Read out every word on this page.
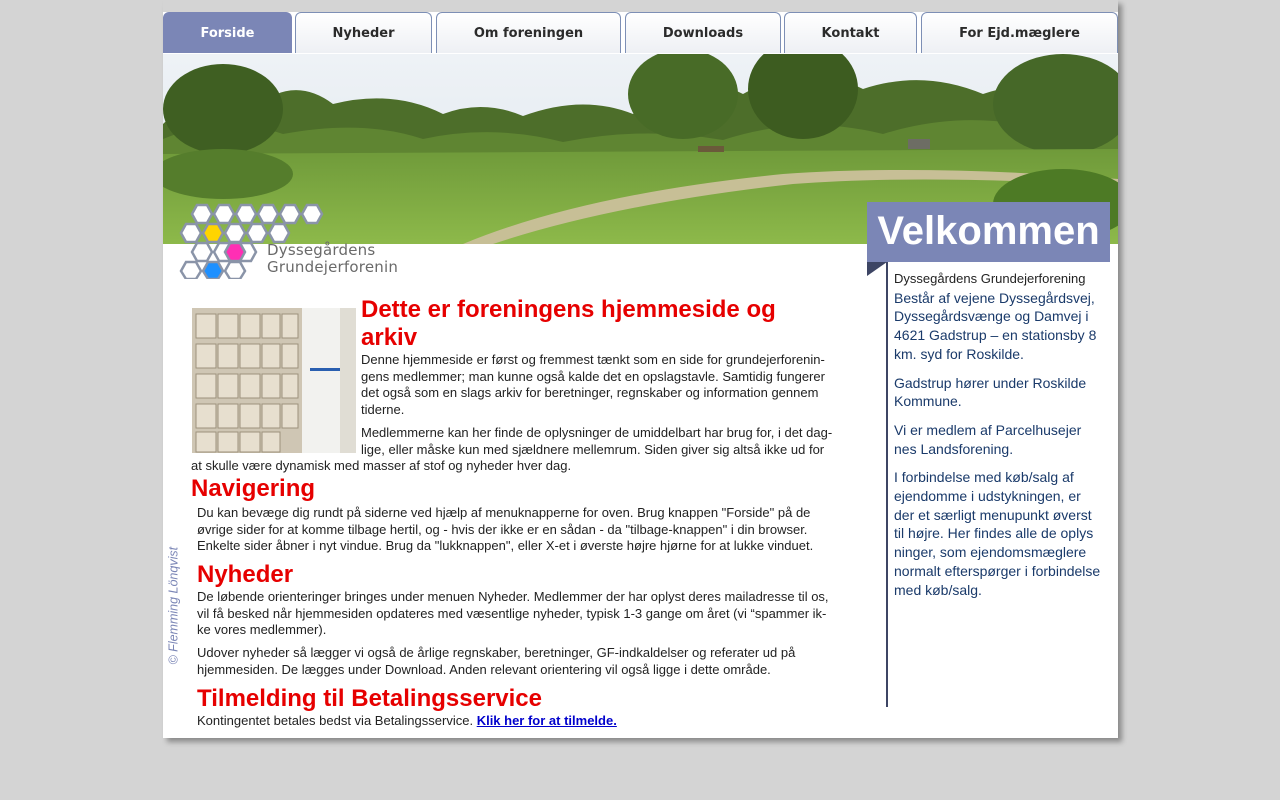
Forside	Nyheder	Om foreningen	Downloads	Kontakt	For Ejd.mæglere
Dyssegårdens
Grundejerforenin
Velkommen

Dyssegårdens Grundejerforening

Består af vejene Dyssegårdsvej, Dyssegårdsvænge og Damvej i 4621 Gadstrup – en stationsby 8 km. syd for Roskilde.

Gadstrup hører under Roskilde Kommune.

Vi er medlem af Parcelhusejer nes Landsforening.

I forbindelse med køb/salg af ejendomme i udstykningen, er der et særligt menupunkt øverst til højre. Her findes alle de oplys ninger, som ejendomsmæglere normalt efterspørger i forbindelse med køb/salg.

Dette er foreningens hjemmeside og arkiv

Denne hjemmeside er først og fremmest tænkt som en side for grundejerforenin-gens medlemmer; man kunne også kalde det en opslagstavle. Samtidig fungerer det også som en slags arkiv for beretninger, regnskaber og information gennem tiderne.

Medlemmerne kan her finde de oplysninger de umiddelbart har brug for, i det dag-lige, eller måske kun med sjældnere mellemrum. Siden giver sig altså ikke ud for at skulle være dynamisk med masser af stof og nyheder hver dag.

Navigering

Du kan bevæge dig rundt på siderne ved hjælp af menuknapperne for oven. Brug knappen "Forside" på de øvrige sider for at komme tilbage hertil, og - hvis der ikke er en sådan - da "tilbage-knappen" i din browser. Enkelte sider åbner i nyt vindue. Brug da "lukknappen", eller X-et i øverste højre hjørne for at lukke vinduet.

Nyheder

De løbende orienteringer bringes under menuen Nyheder. Medlemmer der har oplyst deres mailadresse til os, vil få besked når hjemmesiden opdateres med væsentlige nyheder, typisk 1-3 gange om året (vi “spammer ik-ke vores medlemmer).

Udover nyheder så lægger vi også de årlige regnskaber, beretninger, GF-indkaldelser og referater ud på hjemmesiden. De lægges under Download. Anden relevant orientering vil også ligge i dette område.

Tilmelding til Betalingsservice

Kontingentet betales bedst via Betalingsservice. Klik her for at tilmelde.

© Flemming Lönqvist
